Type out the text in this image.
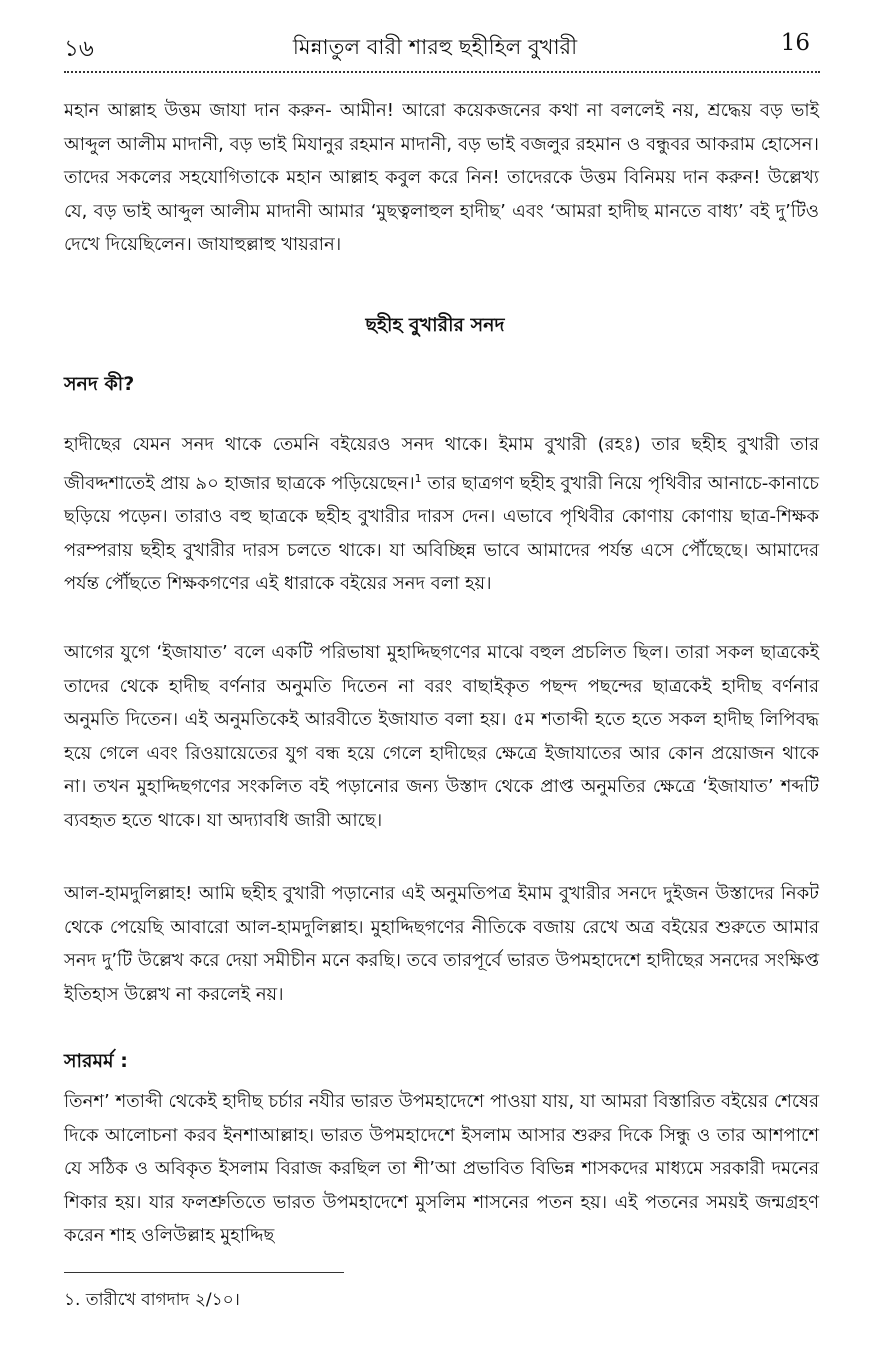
১৬	মিন্নাতুল বারী শারহু ছহীহিল বুখারী	16

মহান আল্লাহ উত্তম জাযা দান করুন- আমীন! আরো কয়েকজনের কথা না বললেই নয়, শ্রদ্ধেয় বড় ভাই আব্দুল আলীম মাদানী, বড় ভাই মিযানুর রহমান মাদানী, বড় ভাই বজলুর রহমান ও বন্ধুবর আকরাম হোসেন। তাদের সকলের সহযোগিতাকে মহান আল্লাহ কবুল করে নিন! তাদেরকে উত্তম বিনিময় দান করুন! উল্লেখ্য যে, বড় ভাই আব্দুল আলীম মাদানী আমার ‘মুছত্বলাহুল হাদীছ’ এবং ‘আমরা হাদীছ মানতে বাধ্য’ বই দু’টিও দেখে দিয়েছিলেন। জাযাহুল্লাহু খায়রান।

ছহীহ বুখারীর সনদ
সনদ কী?

হাদীছের যেমন সনদ থাকে তেমনি বইয়েরও সনদ থাকে। ইমাম বুখারী (রহঃ) তার ছহীহ বুখারী তার জীবদ্দশাতেই প্রায় ৯০ হাজার ছাত্রকে পড়িয়েছেন।$^1$ তার ছাত্রগণ ছহীহ বুখারী নিয়ে পৃথিবীর আনাচে-কানাচে ছড়িয়ে পড়েন। তারাও বহু ছাত্রকে ছহীহ বুখারীর দারস দেন। এভাবে পৃথিবীর কোণায় কোণায় ছাত্র-শিক্ষক পরম্পরায় ছহীহ বুখারীর দারস চলতে থাকে। যা অবিচ্ছিন্ন ভাবে আমাদের পর্যন্ত এসে পৌঁছেছে। আমাদের পর্যন্ত পৌঁছতে শিক্ষকগণের এই ধারাকে বইয়ের সনদ বলা হয়।

আগের যুগে ‘ইজাযাত’ বলে একটি পরিভাষা মুহাদ্দিছগণের মাঝে বহুল প্রচলিত ছিল। তারা সকল ছাত্রকেই তাদের থেকে হাদীছ বর্ণনার অনুমতি দিতেন না বরং বাছাইকৃত পছন্দ পছন্দের ছাত্রকেই হাদীছ বর্ণনার অনুমতি দিতেন। এই অনুমতিকেই আরবীতে ইজাযাত বলা হয়। ৫ম শতাব্দী হতে হতে সকল হাদীছ লিপিবদ্ধ হয়ে গেলে এবং রিওয়ায়েতের যুগ বন্ধ হয়ে গেলে হাদীছের ক্ষেত্রে ইজাযাতের আর কোন প্রয়োজন থাকে না। তখন মুহাদ্দিছগণের সংকলিত বই পড়ানোর জন্য উস্তাদ থেকে প্রাপ্ত অনুমতির ক্ষেত্রে ‘ইজাযাত’ শব্দটি ব্যবহৃত হতে থাকে। যা অদ্যাবধি জারী আছে।

আল-হামদুলিল্লাহ! আমি ছহীহ বুখারী পড়ানোর এই অনুমতিপত্র ইমাম বুখারীর সনদে দুইজন উস্তাদের নিকট থেকে পেয়েছি আবারো আল-হামদুলিল্লাহ। মুহাদ্দিছগণের নীতিকে বজায় রেখে অত্র বইয়ের শুরুতে আমার সনদ দু’টি উল্লেখ করে দেয়া সমীচীন মনে করছি। তবে তারপূর্বে ভারত উপমহাদেশে হাদীছের সনদের সংক্ষিপ্ত ইতিহাস উল্লেখ না করলেই নয়।

সারমর্ম :

তিনশ’ শতাব্দী থেকেই হাদীছ চর্চার নযীর ভারত উপমহাদেশে পাওয়া যায়, যা আমরা বিস্তারিত বইয়ের শেষের দিকে আলোচনা করব ইনশাআল্লাহ। ভারত উপমহাদেশে ইসলাম আসার শুরুর দিকে সিন্ধু ও তার আশপাশে যে সঠিক ও অবিকৃত ইসলাম বিরাজ করছিল তা শী’আ প্রভাবিত বিভিন্ন শাসকদের মাধ্যমে সরকারী দমনের শিকার হয়। যার ফলশ্রুতিতে ভারত উপমহাদেশে মুসলিম শাসনের পতন হয়। এই পতনের সময়ই জন্মগ্রহণ করেন শাহ ওলিউল্লাহ মুহাদ্দিছ

১. তারীখে বাগদাদ ২/১০।
